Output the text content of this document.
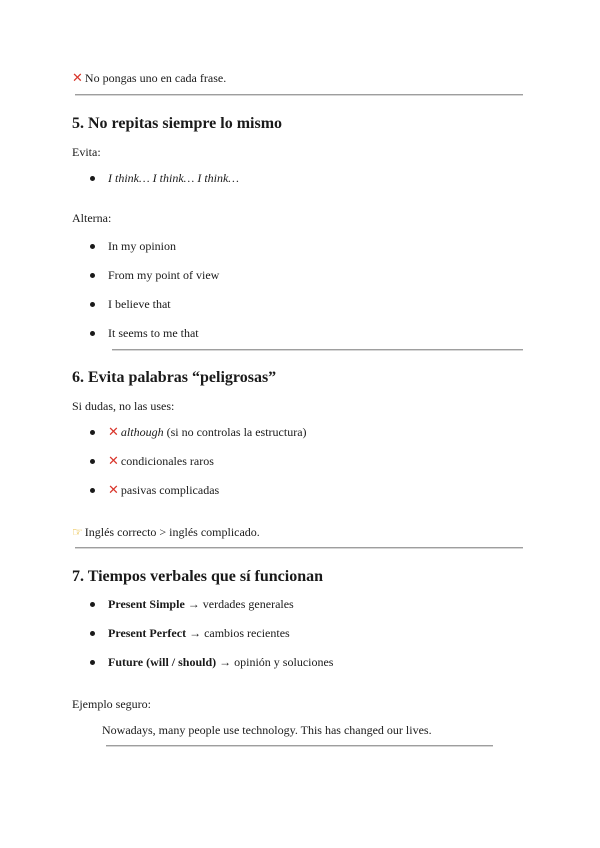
✕ No pongas uno en cada frase.
5. No repitas siempre lo mismo
Evita:
I think… I think… I think…
Alterna:
In my opinion
From my point of view
I believe that
It seems to me that
6. Evita palabras “peligrosas”
Si dudas, no las uses:
✕ although (si no controlas la estructura)
✕ condicionales raros
✕ pasivas complicadas
☞ Inglés correcto > inglés complicado.
7. Tiempos verbales que sí funcionan
Present Simple → verdades generales
Present Perfect → cambios recientes
Future (will / should) → opinión y soluciones
Ejemplo seguro:
Nowadays, many people use technology. This has changed our lives.
